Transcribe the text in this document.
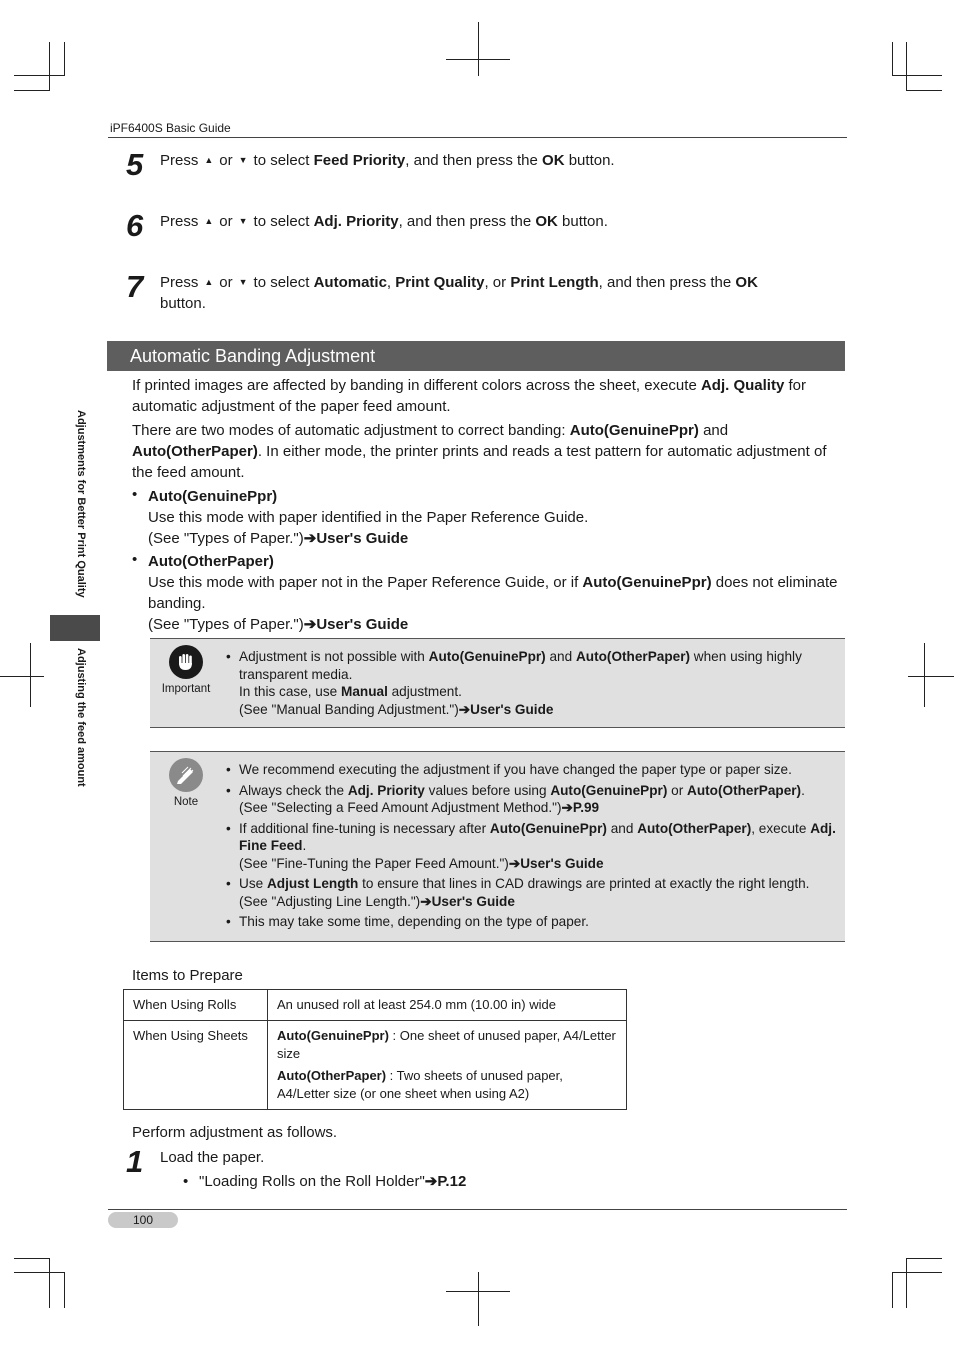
iPF6400S Basic Guide
5 Press ▲ or ▼ to select Feed Priority, and then press the OK button.
6 Press ▲ or ▼ to select Adj. Priority, and then press the OK button.
7 Press ▲ or ▼ to select Automatic, Print Quality, or Print Length, and then press the OK
button.
Automatic Banding Adjustment
If printed images are affected by banding in different colors across the sheet, execute Adj. Quality for automatic adjustment of the paper feed amount.
There are two modes of automatic adjustment to correct banding: Auto(GenuinePpr) and Auto(OtherPaper). In either mode, the printer prints and reads a test pattern for automatic adjustment of the feed amount.
• Auto(GenuinePpr)
Use this mode with paper identified in the Paper Reference Guide.
(See "Types of Paper.")➔User's Guide
• Auto(OtherPaper)
Use this mode with paper not in the Paper Reference Guide, or if Auto(GenuinePpr) does not eliminate banding.
(See "Types of Paper.")➔User's Guide
Important
• Adjustment is not possible with Auto(GenuinePpr) and Auto(OtherPaper) when using highly transparent media.
In this case, use Manual adjustment.
(See "Manual Banding Adjustment.")➔User's Guide
Note
• We recommend executing the adjustment if you have changed the paper type or paper size.
• Always check the Adj. Priority values before using Auto(GenuinePpr) or Auto(OtherPaper).
(See "Selecting a Feed Amount Adjustment Method.")➔P.99
• If additional fine-tuning is necessary after Auto(GenuinePpr) and Auto(OtherPaper), execute Adj. Fine Feed.
(See "Fine-Tuning the Paper Feed Amount.")➔User's Guide
• Use Adjust Length to ensure that lines in CAD drawings are printed at exactly the right length.
(See "Adjusting Line Length.")➔User's Guide
• This may take some time, depending on the type of paper.
Items to Prepare
When Using Rolls	An unused roll at least 254.0 mm (10.00 in) wide
When Using Sheets	Auto(GenuinePpr) : One sheet of unused paper, A4/Letter size
Auto(OtherPaper) : Two sheets of unused paper, A4/Letter size (or one sheet when using A2)
Perform adjustment as follows.
1 Load the paper.
• "Loading Rolls on the Roll Holder"➔P.12
Adjustments for Better Print Quality
Adjusting the feed amount
100
